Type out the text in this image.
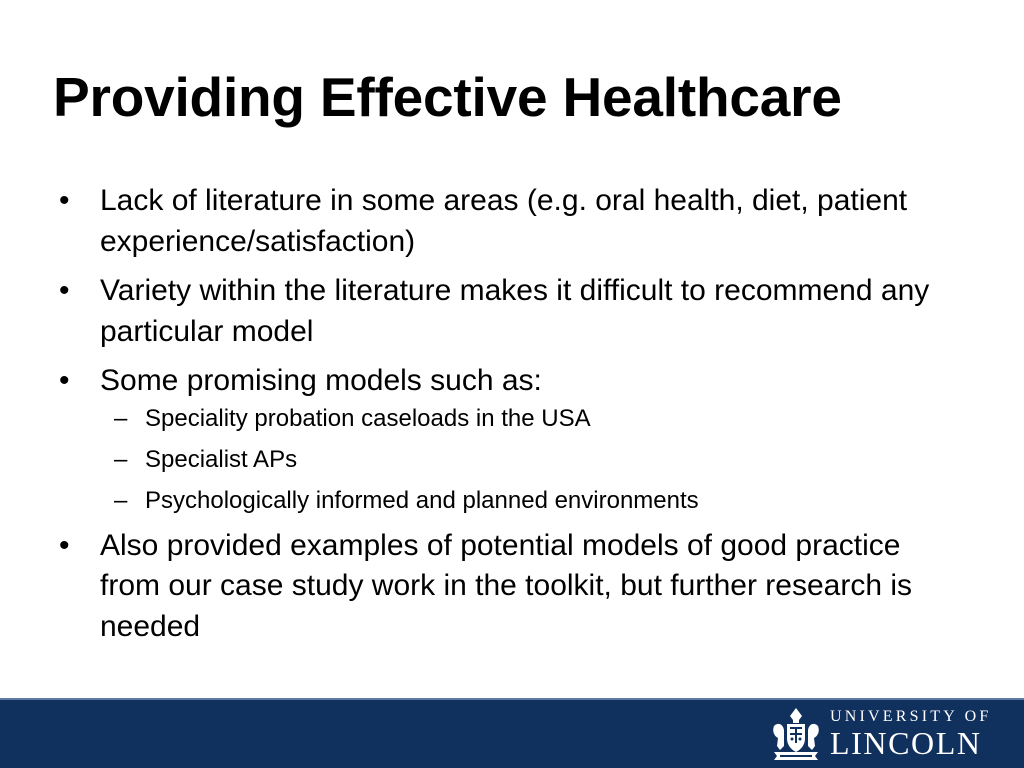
Providing Effective Healthcare
• Lack of literature in some areas (e.g. oral health, diet, patient experience/satisfaction)
• Variety within the literature makes it difficult to recommend any particular model
• Some promising models such as:
– Speciality probation caseloads in the USA
– Specialist APs
– Psychologically informed and planned environments
• Also provided examples of potential models of good practice from our case study work in the toolkit, but further research is needed
UNIVERSITY OF
LINCOLN
